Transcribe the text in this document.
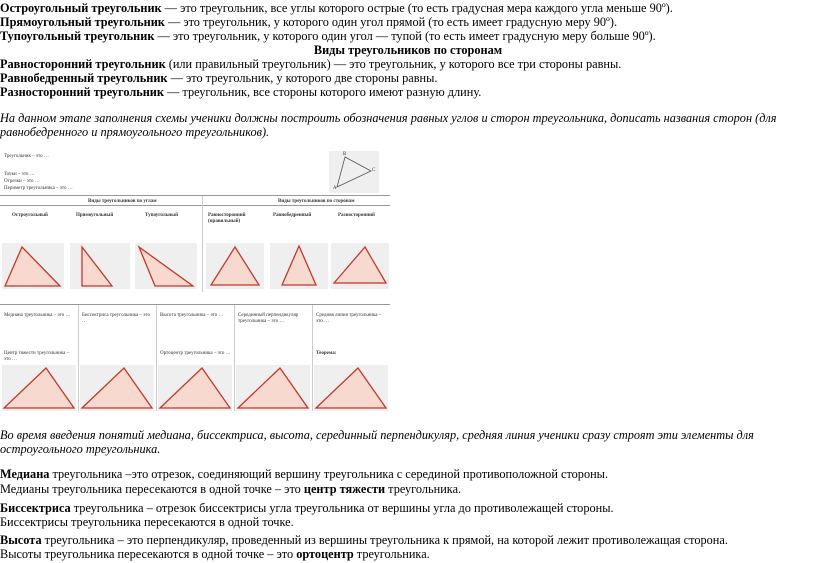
Остроугольный треугольник — это треугольник, все углы которого острые (то есть градусная мера каждого угла меньше 90º).
Прямоугольный треугольник — это треугольник, у которого один угол прямой (то есть имеет градусную меру 90º).
Тупоугольный треугольник — это треугольник, у которого один угол — тупой (то есть имеет градусную меру больше 90º).
Виды треугольников по сторонам
Равносторонний треугольник (или правильный треугольник) — это треугольник, у которого все три стороны равны.
Равнобедренный треугольник — это треугольник, у которого две стороны равны.
Разносторонний треугольник — треугольник, все стороны которого имеют разную длину.
На данном этапе заполнения схемы ученики должны построить обозначения равных углов и сторон треугольника, дописать названия сторон (для равнобедренного и прямоугольного треугольников).
Треугольник – это …
Точки – это …
Отрезки – это …
Периметр треугольника – это …
B
A
C
Виды треугольников по углам	Виды треугольников по сторонам
Остроугольный	Прямоугольный	Тупоугольный	Равносторонний (правильный)
Равнобедренный	Разносторонний
Медиана треугольника – это …	Биссектриса треугольника – это …
Высота треугольника – это …	Серединный перпендикуляр треугольника – это …
Средняя линия треугольника – это …
Центр тяжести треугольника – это …
Ортоцентр треугольника – это …	Теорема:
Во время введения понятий медиана, биссектриса, высота, серединный перпендикуляр, средняя линия ученики сразу строят эти элементы для остроугольного треугольника.
Медиана треугольника –это отрезок, соединяющий вершину треугольника с серединой противоположной стороны.
Медианы треугольника пересекаются в одной точке – это центр тяжести треугольника.
Биссектриса треугольника – отрезок биссектрисы угла треугольника от вершины угла до противолежащей стороны.
Биссектрисы треугольника пересекаются в одной точке.
Высота треугольника – это перпендикуляр, проведенный из вершины треугольника к прямой, на которой лежит противолежащая сторона.
Высоты треугольника пересекаются в одной точке – это ортоцентр треугольника.
